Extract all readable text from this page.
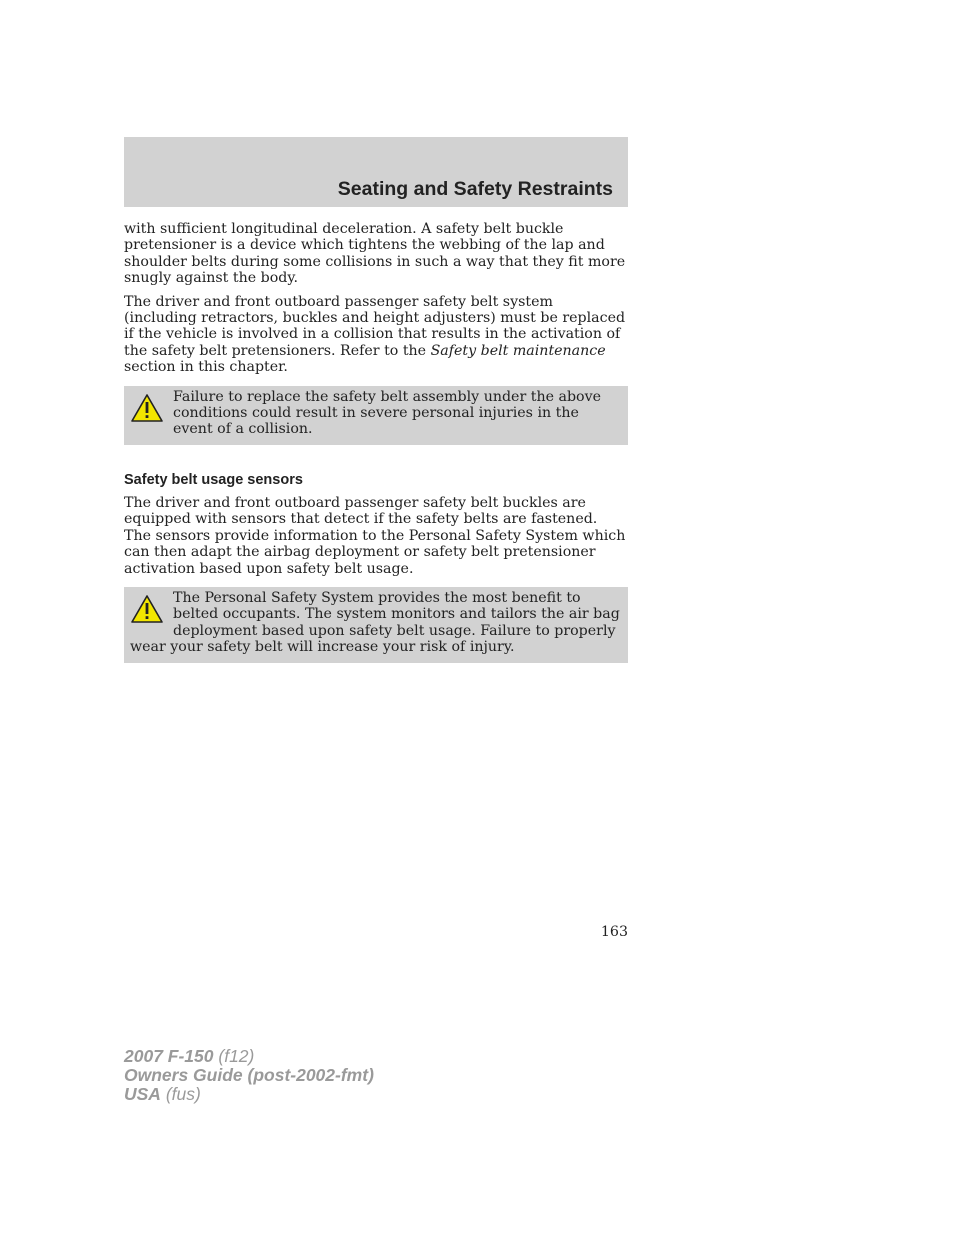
Seating and Safety Restraints

with sufficient longitudinal deceleration. A safety belt buckle pretensioner is a device which tightens the webbing of the lap and shoulder belts during some collisions in such a way that they fit more snugly against the body.

The driver and front outboard passenger safety belt system (including retractors, buckles and height adjusters) must be replaced if the vehicle is involved in a collision that results in the activation of the safety belt pretensioners. Refer to the Safety belt maintenance section in this chapter.

Failure to replace the safety belt assembly under the above conditions could result in severe personal injuries in the event of a collision.
Safety belt usage sensors

The driver and front outboard passenger safety belt buckles are equipped with sensors that detect if the safety belts are fastened. The sensors provide information to the Personal Safety System which can then adapt the airbag deployment or safety belt pretensioner activation based upon safety belt usage.

The Personal Safety System provides the most benefit to belted occupants. The system monitors and tailors the air bag deployment based upon safety belt usage. Failure to properly wear your safety belt will increase your risk of injury.
163
2007 F-150 (f12)
Owners Guide (post-2002-fmt)
USA (fus)
